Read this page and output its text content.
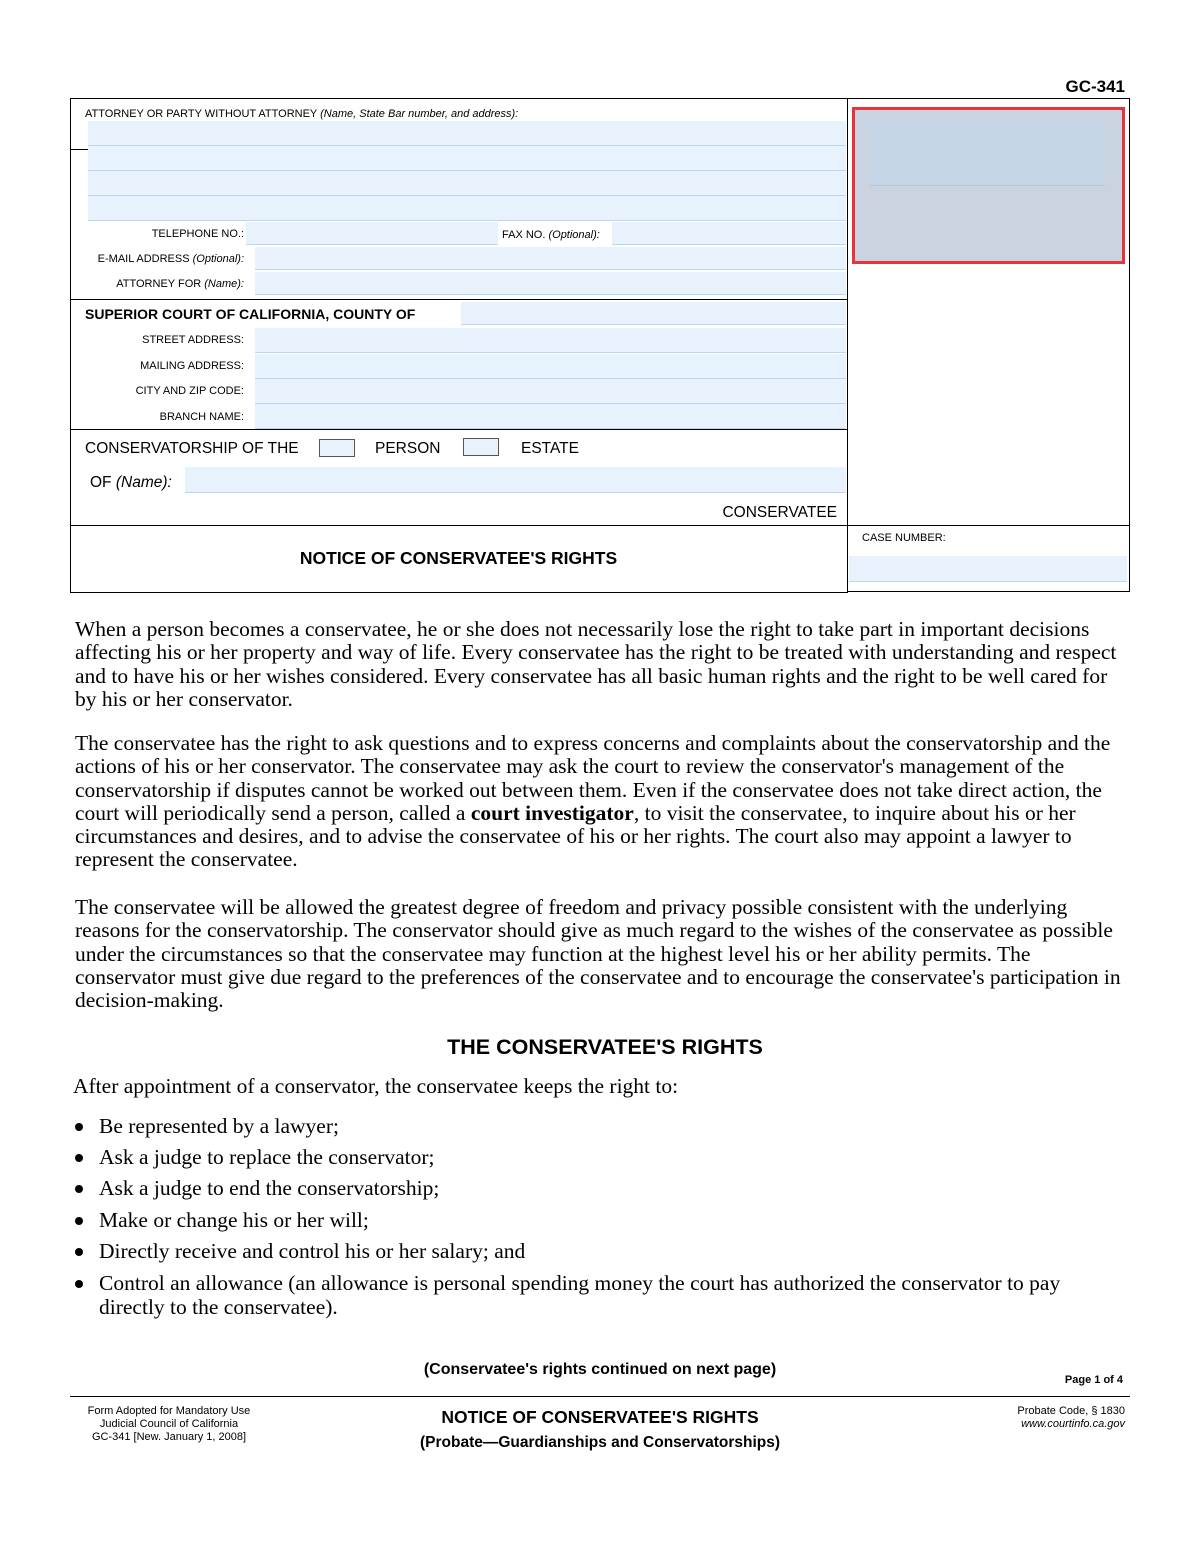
GC-341
ATTORNEY OR PARTY WITHOUT ATTORNEY (Name, State Bar number, and address):
TELEPHONE NO.:	FAX NO. (Optional):
E-MAIL ADDRESS (Optional):
ATTORNEY FOR (Name):
SUPERIOR COURT OF CALIFORNIA, COUNTY OF
STREET ADDRESS:
MAILING ADDRESS:
CITY AND ZIP CODE:
BRANCH NAME:
CONSERVATORSHIP OF THE	PERSON	ESTATE
OF (Name):
CONSERVATEE
NOTICE OF CONSERVATEE'S RIGHTS
CASE NUMBER:
When a person becomes a conservatee, he or she does not necessarily lose the right to take part in important decisions affecting his or her property and way of life. Every conservatee has the right to be treated with understanding and respect and to have his or her wishes considered. Every conservatee has all basic human rights and the right to be well cared for by his or her conservator.
The conservatee has the right to ask questions and to express concerns and complaints about the conservatorship and the actions of his or her conservator. The conservatee may ask the court to review the conservator's management of the conservatorship if disputes cannot be worked out between them. Even if the conservatee does not take direct action, the court will periodically send a person, called a court investigator, to visit the conservatee, to inquire about his or her circumstances and desires, and to advise the conservatee of his or her rights. The court also may appoint a lawyer to represent the conservatee.
The conservatee will be allowed the greatest degree of freedom and privacy possible consistent with the underlying reasons for the conservatorship. The conservator should give as much regard to the wishes of the conservatee as possible under the circumstances so that the conservatee may function at the highest level his or her ability permits. The conservator must give due regard to the preferences of the conservatee and to encourage the conservatee's participation in decision-making.
THE CONSERVATEE'S RIGHTS
After appointment of a conservator, the conservatee keeps the right to:
Be represented by a lawyer;
Ask a judge to replace the conservator;
Ask a judge to end the conservatorship;
Make or change his or her will;
Directly receive and control his or her salary; and
Control an allowance (an allowance is personal spending money the court has authorized the conservator to pay directly to the conservatee).
(Conservatee's rights continued on next page)
Page 1 of 4
Form Adopted for Mandatory Use
Judicial Council of California
GC-341 [New. January 1, 2008]
NOTICE OF CONSERVATEE'S RIGHTS
(Probate—Guardianships and Conservatorships)
Probate Code, § 1830
www.courtinfo.ca.gov
